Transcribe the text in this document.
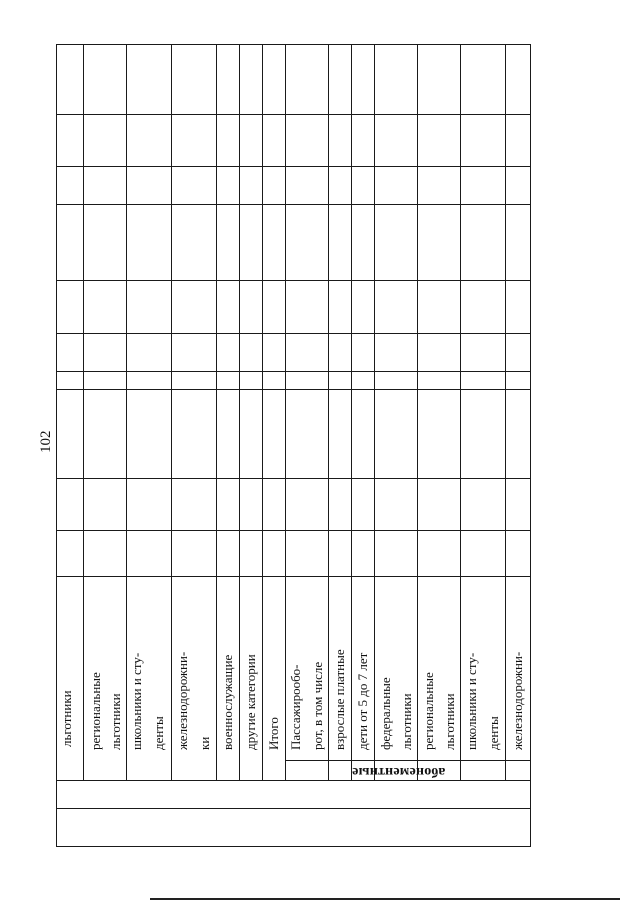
102
льготники региональные льготники школьники и сту- денты железнодорожни- ки военнослужащие другие категории Итого Пассажирообо- рот, в том числе взрослые платные дети от 5 до 7 лет федеральные льготники региональные льготники школьники и сту- денты железнодорожни-
абонементные
